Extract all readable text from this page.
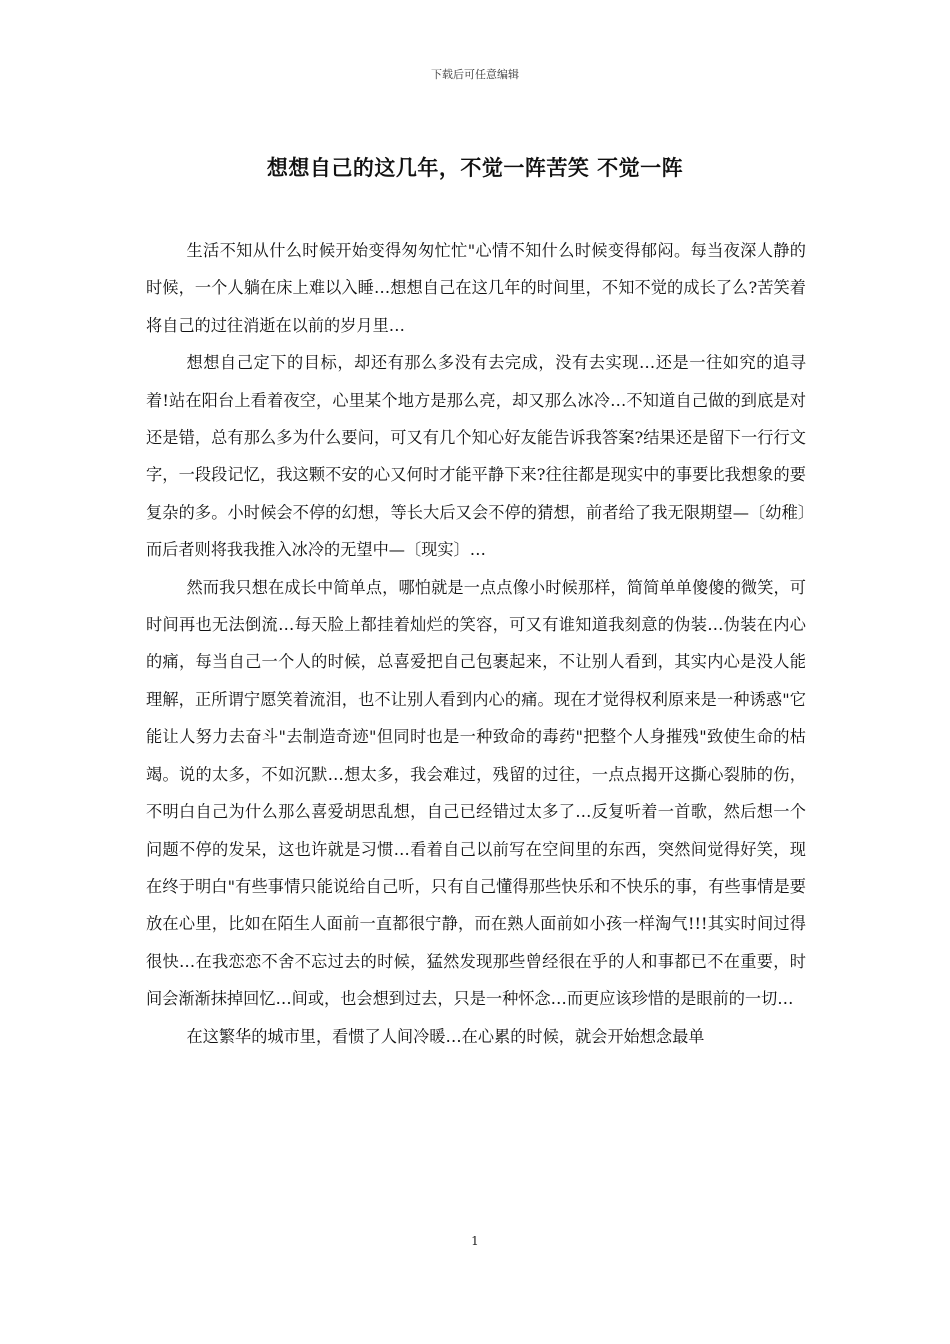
下载后可任意编辑
想想自己的这几年，不觉一阵苦笑 不觉一阵

生活不知从什么时候开始变得匆匆忙忙"心情不知什么时候变得郁闷。每当夜深人静的时候，一个人躺在床上难以入睡…想想自己在这几年的时间里，不知不觉的成长了么?苦笑着将自己的过往消逝在以前的岁月里…

想想自己定下的目标，却还有那么多没有去完成，没有去实现…还是一往如究的追寻着!站在阳台上看着夜空，心里某个地方是那么亮，却又那么冰冷…不知道自己做的到底是对还是错，总有那么多为什么要问，可又有几个知心好友能告诉我答案?结果还是留下一行行文字，一段段记忆，我这颗不安的心又何时才能平静下来?往往都是现实中的事要比我想象的要复杂的多。小时候会不停的幻想，等长大后又会不停的猜想，前者给了我无限期望—〔幼稚〕而后者则将我我推入冰冷的无望中—〔现实〕…

然而我只想在成长中简单点，哪怕就是一点点像小时候那样，简简单单傻傻的微笑，可时间再也无法倒流…每天脸上都挂着灿烂的笑容，可又有谁知道我刻意的伪装…伪装在内心的痛，每当自己一个人的时候，总喜爱把自己包裹起来，不让别人看到，其实内心是没人能理解，正所谓宁愿笑着流泪，也不让别人看到内心的痛。现在才觉得权利原来是一种诱惑"它能让人努力去奋斗"去制造奇迹"但同时也是一种致命的毒药"把整个人身摧残"致使生命的枯竭。说的太多，不如沉默…想太多，我会难过，残留的过往，一点点揭开这撕心裂肺的伤，不明白自己为什么那么喜爱胡思乱想，自己已经错过太多了…反复听着一首歌，然后想一个问题不停的发呆，这也许就是习惯…看着自己以前写在空间里的东西，突然间觉得好笑，现在终于明白"有些事情只能说给自己听，只有自己懂得那些快乐和不快乐的事，有些事情是要放在心里，比如在陌生人面前一直都很宁静，而在熟人面前如小孩一样淘气!!!其实时间过得很快…在我恋恋不舍不忘过去的时候，猛然发现那些曾经很在乎的人和事都已不在重要，时间会渐渐抹掉回忆…间或，也会想到过去，只是一种怀念…而更应该珍惜的是眼前的一切…

在这繁华的城市里，看惯了人间冷暖…在心累的时候，就会开始想念最单

1
